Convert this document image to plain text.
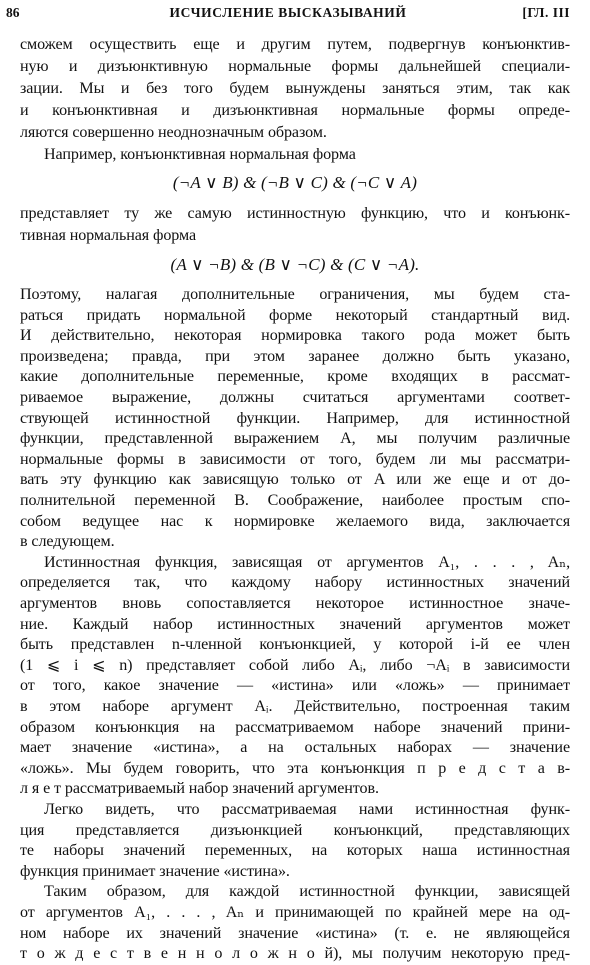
86	ИСЧИСЛЕНИЕ ВЫСКАЗЫВАНИЙ	[ГЛ. III
сможем осуществить еще и другим путем, подвергнув конъюнктив-
ную и дизъюнктивную нормальные формы дальнейшей специали-
зации. Мы и без того будем вынуждены заняться этим, так как
и конъюнктивная и дизъюнктивная нормальные формы опреде-
ляются совершенно неоднозначным образом.
Например, конъюнктивная нормальная форма
(¬A ∨ B) & (¬B ∨ C) & (¬C ∨ A)
представляет ту же самую истинностную функцию, что и конъюнк-
тивная нормальная форма
(A ∨ ¬B) & (B ∨ ¬C) & (C ∨ ¬A).
Поэтому, налагая дополнительные ограничения, мы будем ста-
раться придать нормальной форме некоторый стандартный вид.
И действительно, некоторая нормировка такого рода может быть
произведена; правда, при этом заранее должно быть указано,
какие дополнительные переменные, кроме входящих в рассмат-
риваемое выражение, должны считаться аргументами соответ-
ствующей истинностной функции. Например, для истинностной
функции, представленной выражением A, мы получим различные
нормальные формы в зависимости от того, будем ли мы рассматри-
вать эту функцию как зависящую только от A или же еще и от до-
полнительной переменной B. Соображение, наиболее простым спо-
собом ведущее нас к нормировке желаемого вида, заключается
в следующем.
Истинностная функция, зависящая от аргументов A₁, . . . , Aₙ,
определяется так, что каждому набору истинностных значений
аргументов вновь сопоставляется некоторое истинностное значе-
ние. Каждый набор истинностных значений аргументов может
быть представлен n-членной конъюнкцией, у которой i-й ее член
(1 ⩽ i ⩽ n) представляет собой либо Aᵢ, либо ¬Aᵢ в зависимости
от того, какое значение — «истина» или «ложь» — принимает
в этом наборе аргумент Aᵢ. Действительно, построенная таким
образом конъюнкция на рассматриваемом наборе значений прини-
мает значение «истина», а на остальных наборах — значение
«ложь». Мы будем говорить, что эта конъюнкция п р е д с т а в-
л я е т рассматриваемый набор значений аргументов.
Легко видеть, что рассматриваемая нами истинностная функ-
ция представляется дизъюнкцией конъюнкций, представляющих
те наборы значений переменных, на которых наша истинностная
функция принимает значение «истина».
Таким образом, для каждой истинностной функции, зависящей
от аргументов A₁, . . . , Aₙ и принимающей по крайней мере на од-
ном наборе их значений значение «истина» (т. е. не являющейся
т о ж д е с т в е н н о л о ж н о й), мы получим некоторую пред-
